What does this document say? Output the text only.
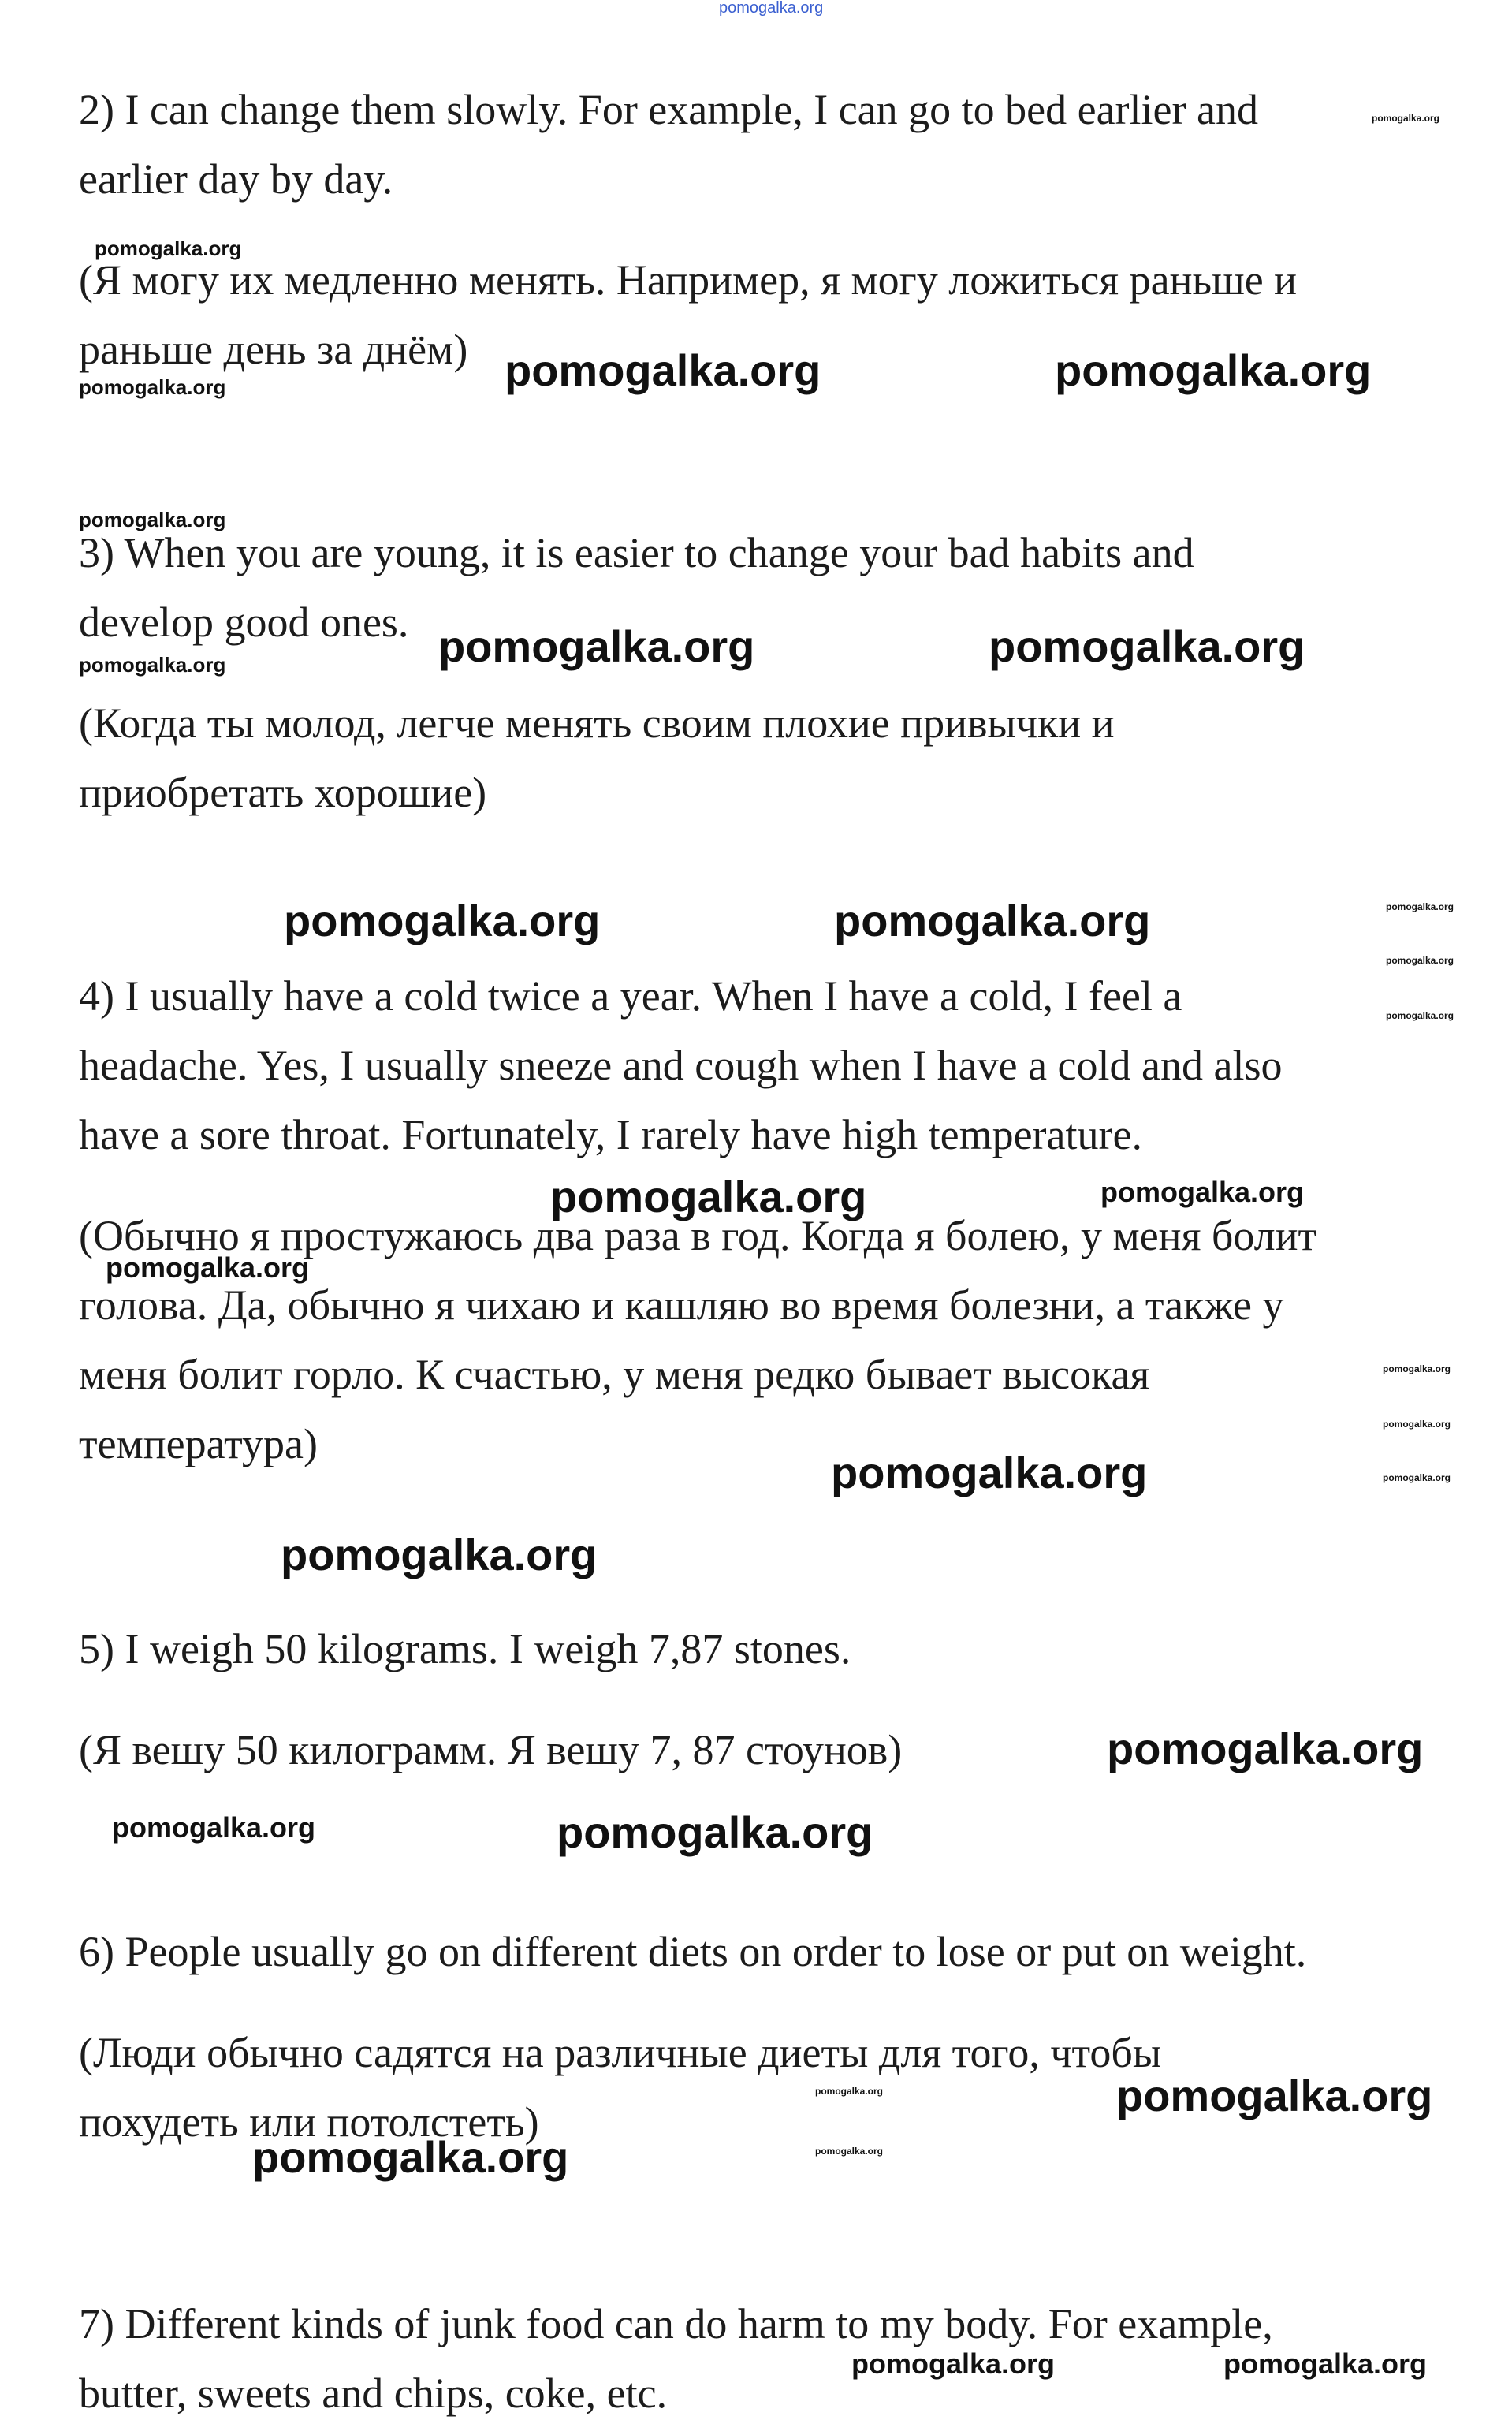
pomogalka.org
2) I can change them slowly. For example, I can go to bed earlier and
earlier day by day.
(Я могу их медленно менять. Например, я могу ложиться раньше и
раньше день за днём)
3) When you are young, it is easier to change your bad habits and
develop good ones.
(Когда ты молод, легче менять своим плохие привычки и
приобретать хорошие)
4) I usually have a cold twice a year. When I have a cold, I feel a
headache. Yes, I usually sneeze and cough when I have a cold and also
have a sore throat. Fortunately, I rarely have high temperature.
(Обычно я простужаюсь два раза в год. Когда я болею, у меня болит
голова. Да, обычно я чихаю и кашляю во время болезни, а также у
меня болит горло. К счастью, у меня редко бывает высокая
температура)
5) I weigh 50 kilograms. I weigh 7,87 stones.
(Я вешу 50 килограмм. Я вешу 7, 87 стоунов)
6) People usually go on different diets on order to lose or put on weight.
(Люди обычно садятся на различные диеты для того, чтобы
похудеть или потолстеть)
7) Different kinds of junk food can do harm to my body. For example,
butter, sweets and chips, coke, etc.
pomogalka.org
pomogalka.org
pomogalka.org	pomogalka.org	pomogalka.org
pomogalka.org
pomogalka.org	pomogalka.org	pomogalka.org
pomogalka.org	pomogalka.org	pomogalka.org
pomogalka.org
pomogalka.org
pomogalka.org	pomogalka.org
pomogalka.org
pomogalka.org
pomogalka.org
pomogalka.org
pomogalka.org
pomogalka.org
pomogalka.org
pomogalka.org	pomogalka.org
pomogalka.org
pomogalka.org
pomogalka.org
pomogalka.org
pomogalka.org	pomogalka.org
